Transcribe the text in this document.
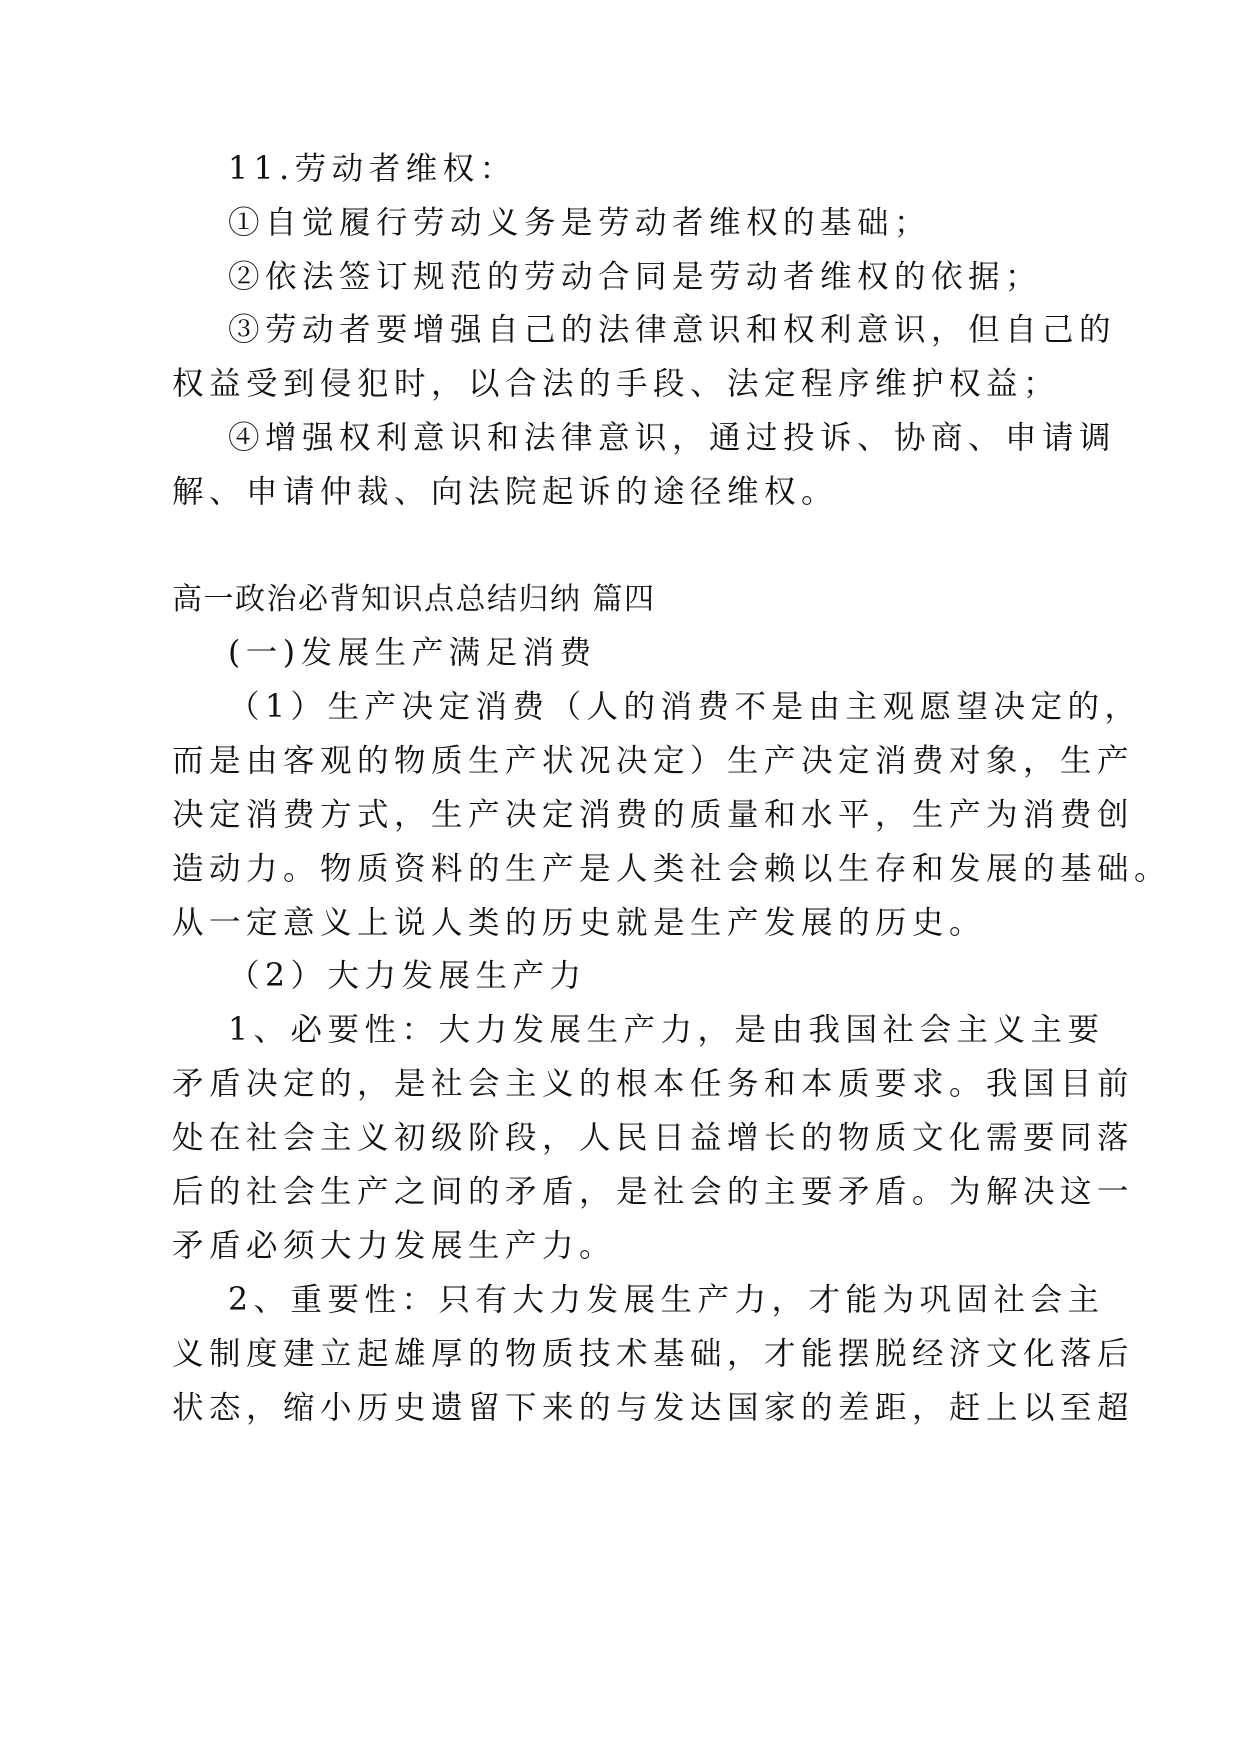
11.劳动者维权：
①自觉履行劳动义务是劳动者维权的基础；
②依法签订规范的劳动合同是劳动者维权的依据；
③劳动者要增强自己的法律意识和权利意识，但自己的
权益受到侵犯时，以合法的手段、法定程序维护权益；
④增强权利意识和法律意识，通过投诉、协商、申请调
解、申请仲裁、向法院起诉的途径维权。
高一政治必背知识点总结归纳 篇四
(一)发展生产满足消费
（1）生产决定消费（人的消费不是由主观愿望决定的，
而是由客观的物质生产状况决定）生产决定消费对象，生产
决定消费方式，生产决定消费的质量和水平，生产为消费创
造动力。物质资料的生产是人类社会赖以生存和发展的基础。
从一定意义上说人类的历史就是生产发展的历史。
（2）大力发展生产力
1、必要性：大力发展生产力，是由我国社会主义主要
矛盾决定的，是社会主义的根本任务和本质要求。我国目前
处在社会主义初级阶段，人民日益增长的物质文化需要同落
后的社会生产之间的矛盾，是社会的主要矛盾。为解决这一
矛盾必须大力发展生产力。
2、重要性：只有大力发展生产力，才能为巩固社会主
义制度建立起雄厚的物质技术基础，才能摆脱经济文化落后
状态，缩小历史遗留下来的与发达国家的差距，赶上以至超
